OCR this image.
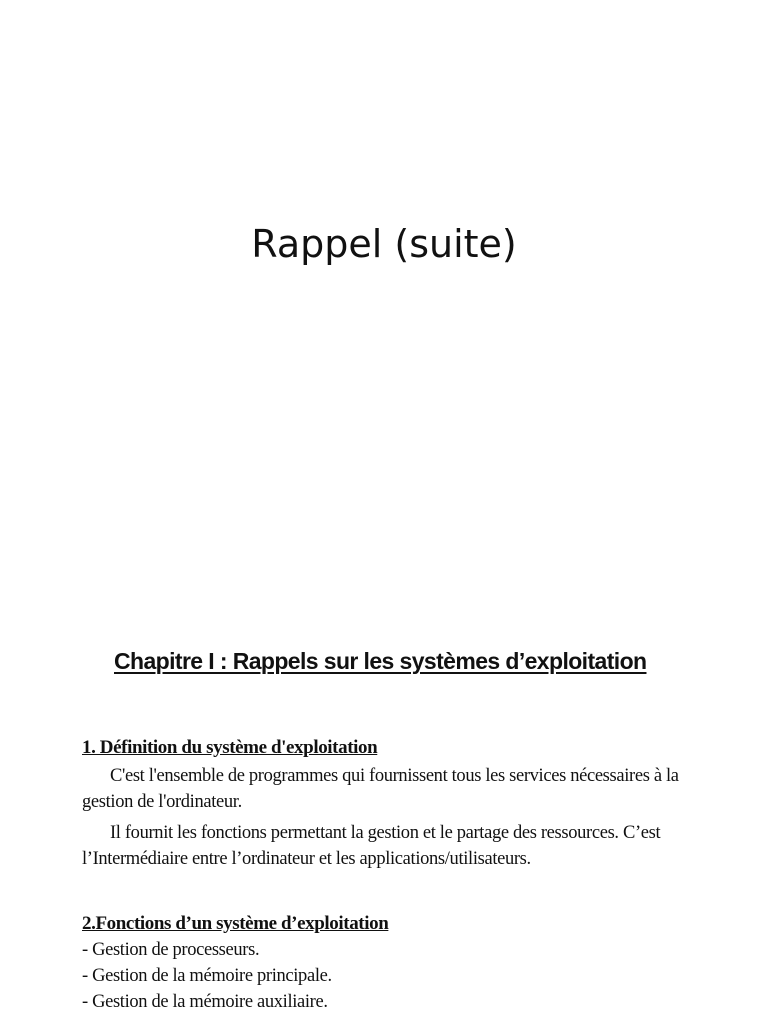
Rappel (suite)
Chapitre I : Rappels sur les systèmes d’exploitation
1. Définition du système d'exploitation
C'est l'ensemble de programmes qui fournissent tous les services nécessaires à la
gestion de l'ordinateur.
Il fournit les fonctions permettant la gestion et le partage des ressources. C’est
l’Intermédiaire entre l’ordinateur et les applications/utilisateurs.
2.Fonctions d’un système d’exploitation
- Gestion de processeurs.
- Gestion de la mémoire principale.
- Gestion de la mémoire auxiliaire.
